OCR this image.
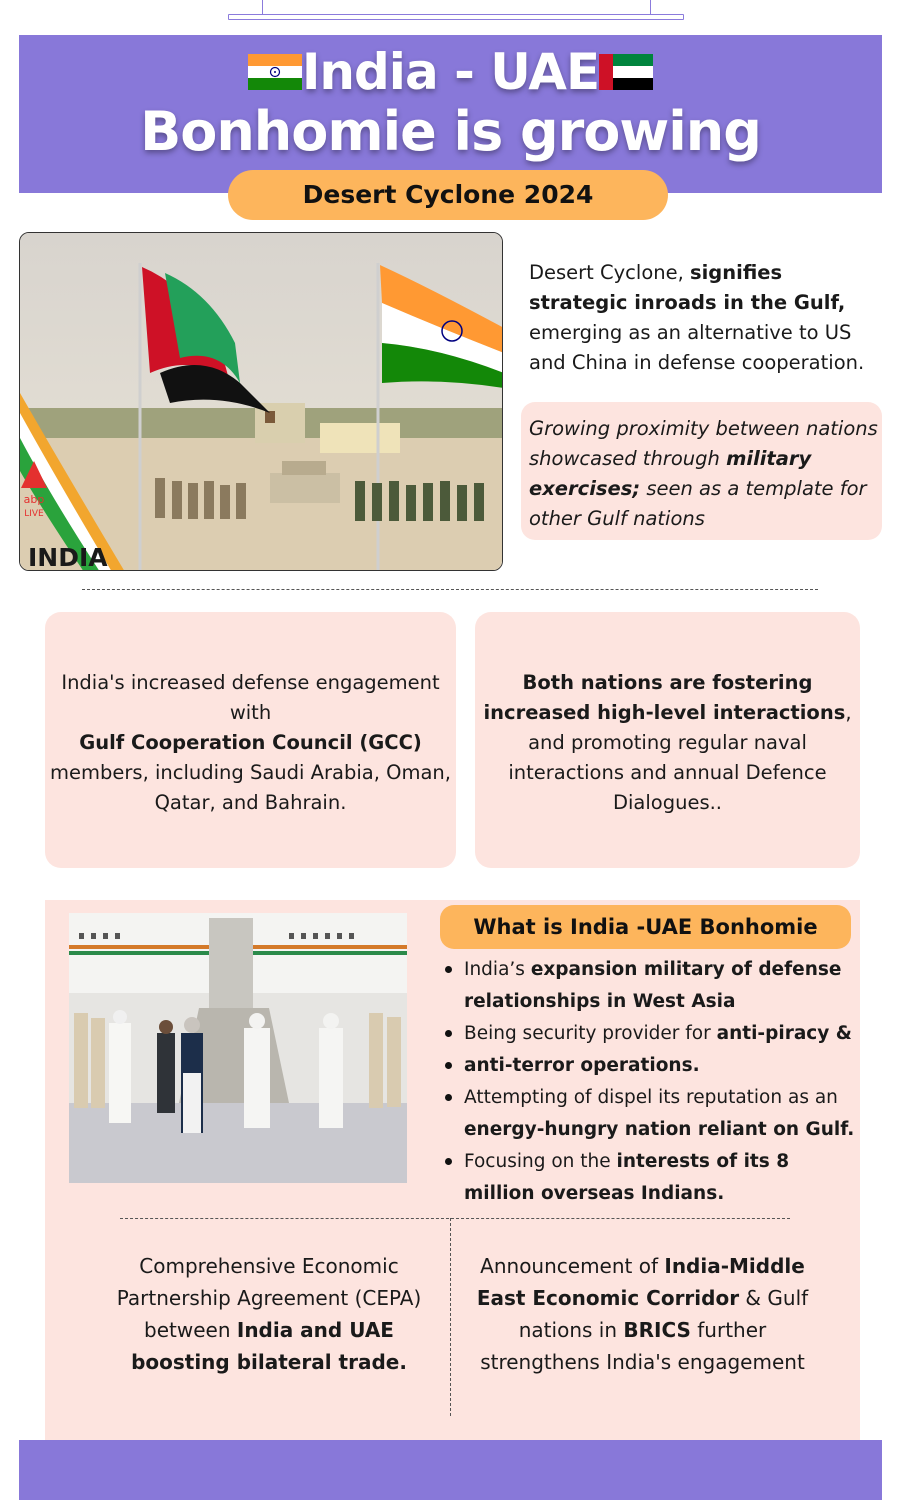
India - UAE
Bonhomie is growing
Desert Cyclone 2024
abp
LIVE
INDIA
Desert Cyclone, signifies strategic inroads in the Gulf, emerging as an alternative to US and China in defense cooperation.
Growing proximity between nations showcased through military exercises; seen as a template for other Gulf nations
India's increased defense engagement with
Gulf Cooperation Council (GCC)
members, including Saudi Arabia, Oman, Qatar, and Bahrain.
Both nations are fostering increased high-level interactions, and promoting regular naval interactions and annual Defence Dialogues..
What is India -UAE Bonhomie
India’s expansion military of defense relationships in West Asia
Being security provider for anti-piracy &
anti-terror operations.
Attempting of dispel its reputation as an energy-hungry nation reliant on Gulf.
Focusing on the interests of its 8 million overseas Indians.
Comprehensive Economic Partnership Agreement (CEPA) between India and UAE boosting bilateral trade.
Announcement of India-Middle East Economic Corridor & Gulf nations in BRICS further strengthens India's engagement
